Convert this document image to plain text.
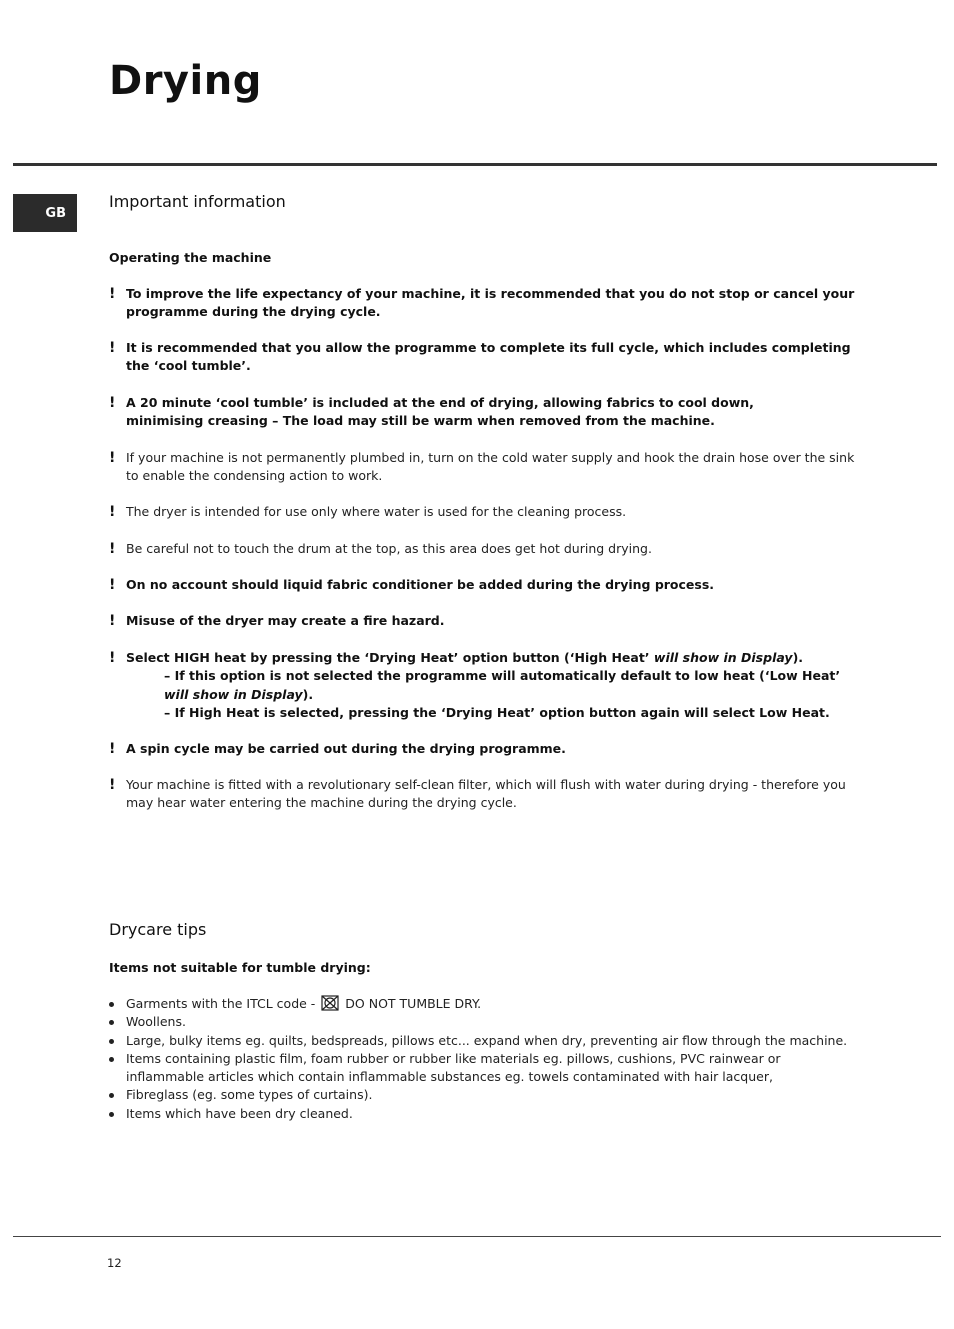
Drying
GB
Important information

Operating the machine

! To improve the life expectancy of your machine, it is recommended that you do not stop or cancel your programme during the drying cycle.
! It is recommended that you allow the programme to complete its full cycle, which includes completing the ‘cool tumble’.
! A 20 minute ‘cool tumble’ is included at the end of drying, allowing fabrics to cool down, minimising creasing – The load may still be warm when removed from the machine.
! If your machine is not permanently plumbed in, turn on the cold water supply and hook the drain hose over the sink to enable the condensing action to work.
! The dryer is intended for use only where water is used for the cleaning process.
! Be careful not to touch the drum at the top, as this area does get hot during drying.
! On no account should liquid fabric conditioner be added during the drying process.
! Misuse of the dryer may create a fire hazard.
! Select HIGH heat by pressing the ‘Drying Heat’ option button (‘High Heat’ will show in Display).
– If this option is not selected the programme will automatically default to low heat (‘Low Heat’ will show in Display).
– If High Heat is selected, pressing the ‘Drying Heat’ option button again will select Low Heat.
! A spin cycle may be carried out during the drying programme.
! Your machine is fitted with a revolutionary self-clean filter, which will flush with water during drying - therefore you may hear water entering the machine during the drying cycle.
Drycare tips

Items not suitable for tumble drying:

Garments with the ITCL code - DO NOT TUMBLE DRY.
Woollens.
Large, bulky items eg. quilts, bedspreads, pillows etc... expand when dry, preventing air flow through the machine.
Items containing plastic film, foam rubber or rubber like materials eg. pillows, cushions, PVC rainwear or inflammable articles which contain inflammable substances eg. towels contaminated with hair lacquer,
Fibreglass (eg. some types of curtains).
Items which have been dry cleaned.
12
